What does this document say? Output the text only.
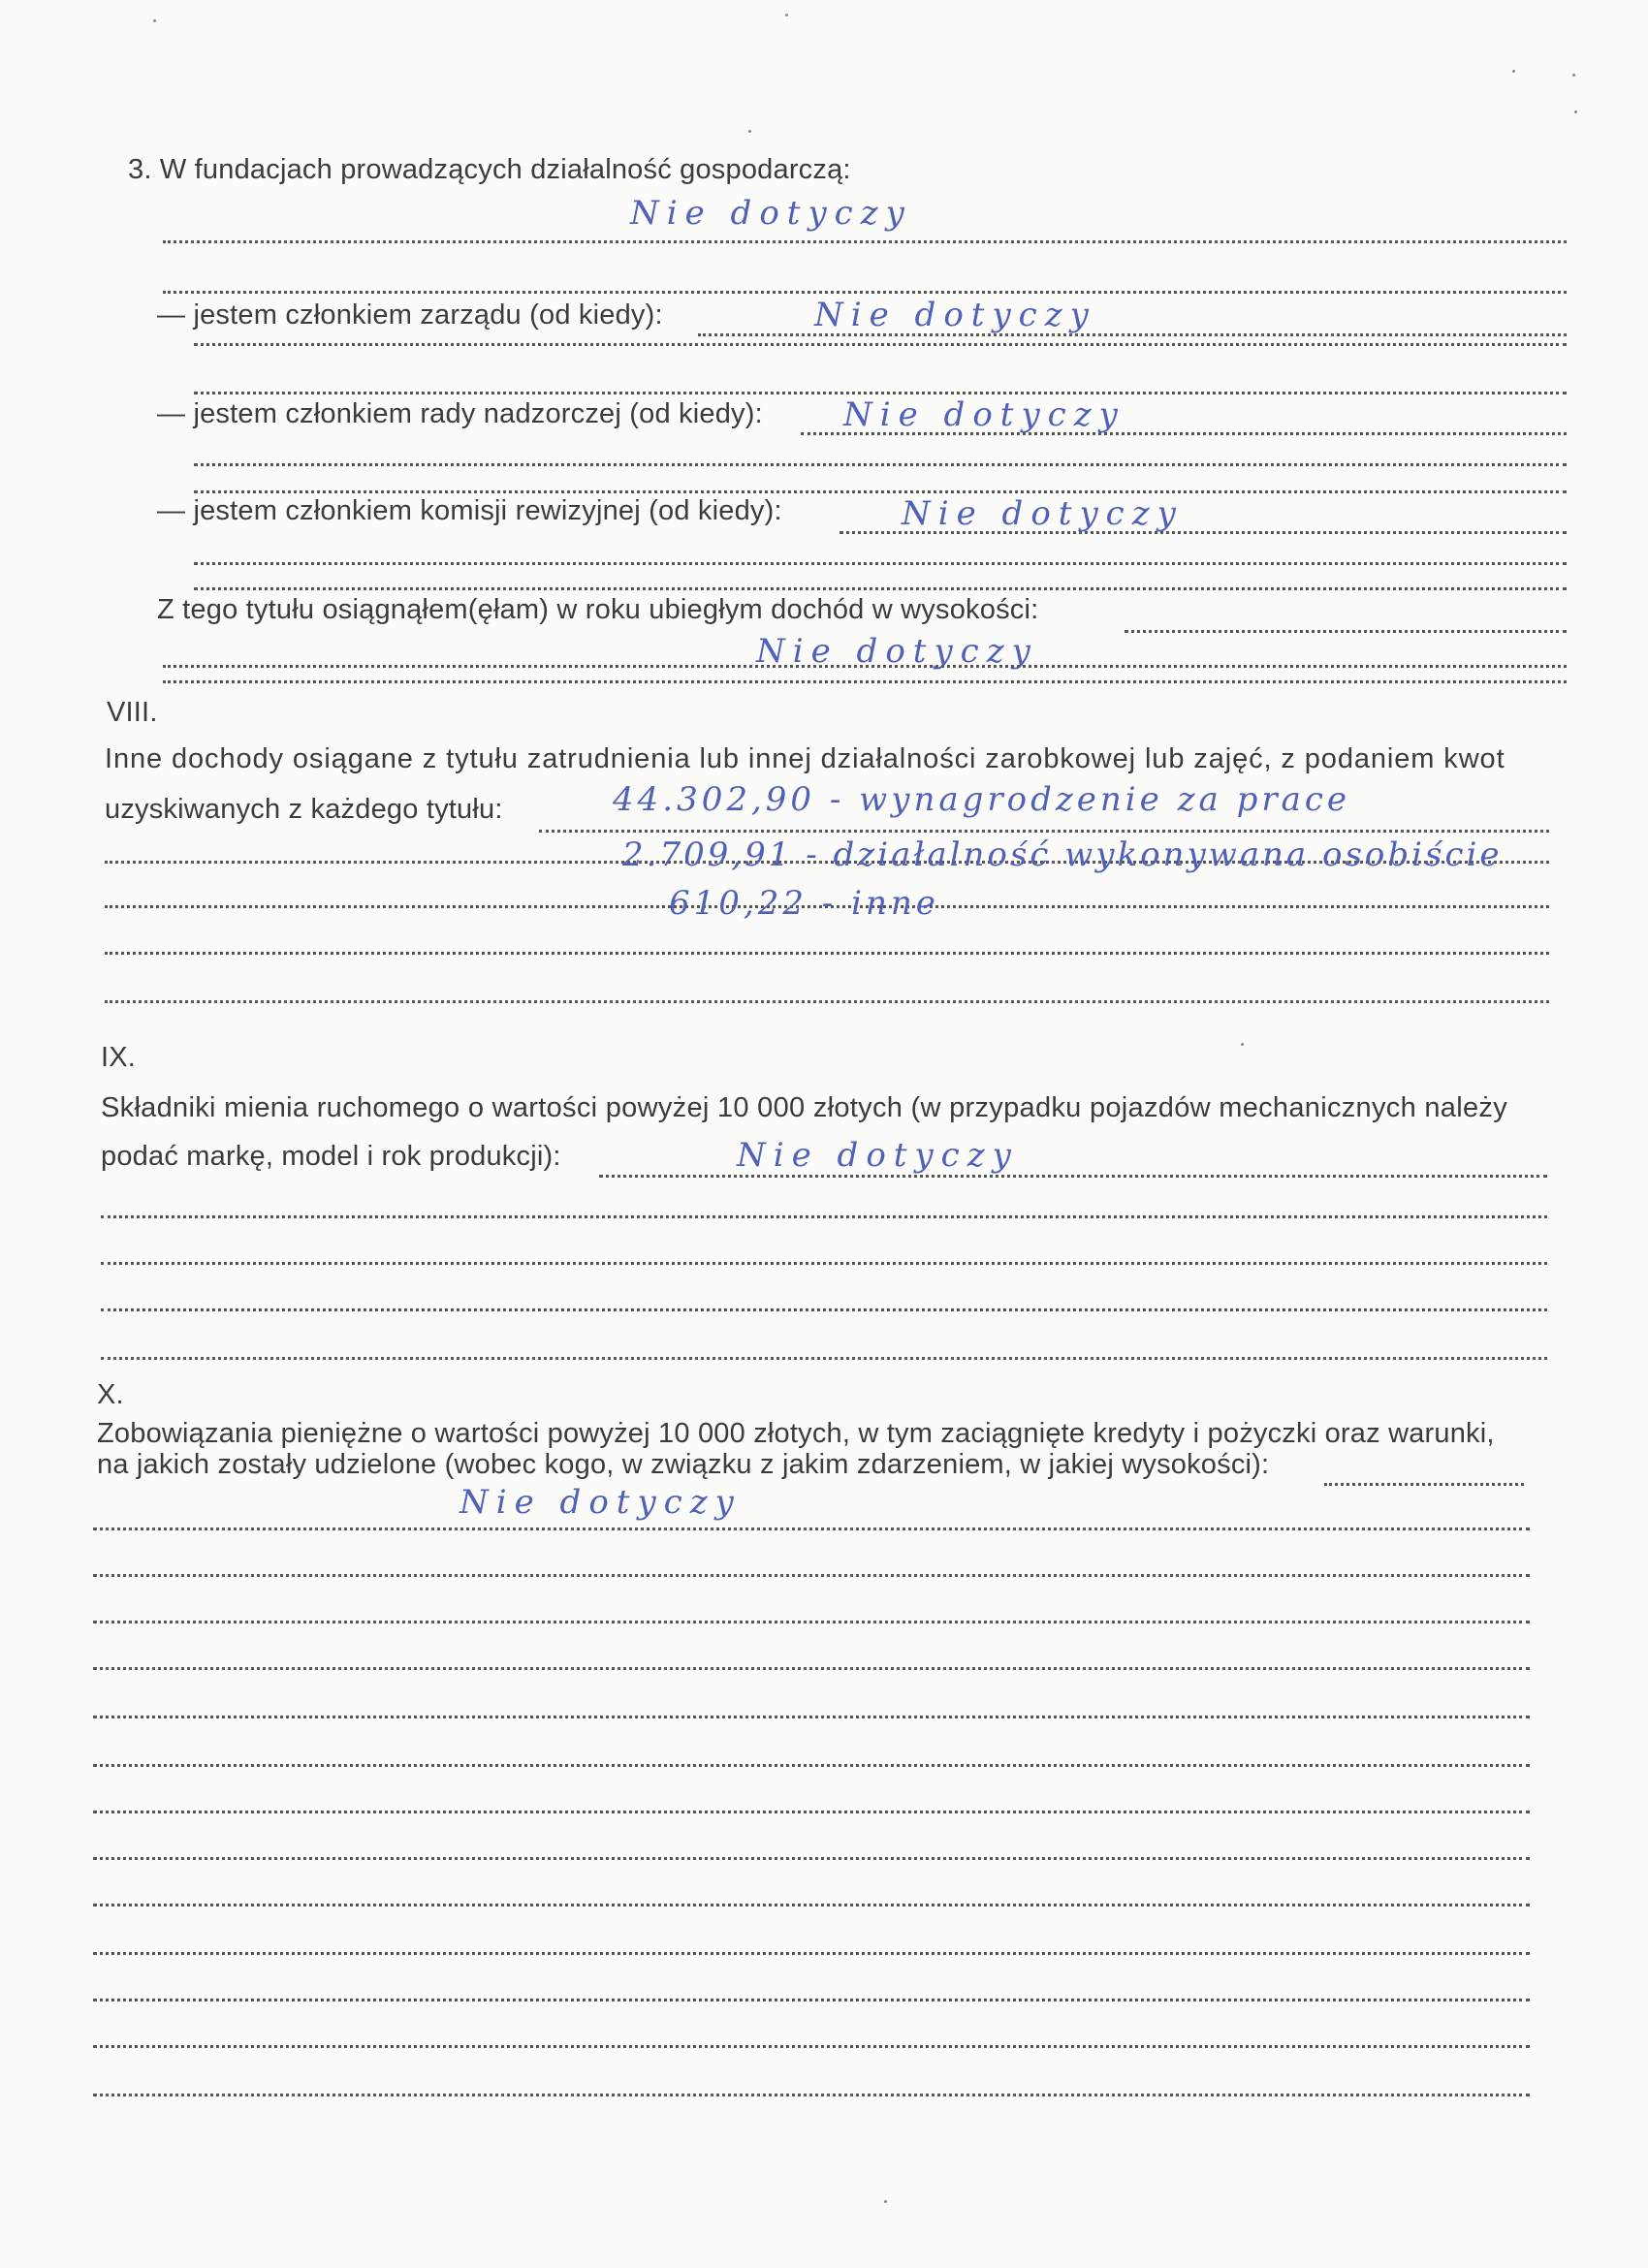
3. W fundacjach prowadzących działalność gospodarczą:
Nie dotyczy
— jestem członkiem zarządu (od kiedy):	Nie dotyczy
— jestem członkiem rady nadzorczej (od kiedy): Nie dotyczy
— jestem członkiem komisji rewizyjnej (od kiedy):	Nie dotyczy
Z tego tytułu osiągnąłem(ęłam) w roku ubiegłym dochód w wysokości:
Nie dotyczy
VIII.
Inne dochody osiągane z tytułu zatrudnienia lub innej działalności zarobkowej lub zajęć, z podaniem kwot
uzyskiwanych z każdego tytułu:	44.302,90 - wynagrodzenie za prace
2.709,91 - działalność wykonywana osobiście
610,22 - inne
IX.
Składniki mienia ruchomego o wartości powyżej 10 000 złotych (w przypadku pojazdów mechanicznych należy
podać markę, model i rok produkcji):	Nie dotyczy
X.
Zobowiązania pieniężne o wartości powyżej 10 000 złotych, w tym zaciągnięte kredyty i pożyczki oraz warunki,
na jakich zostały udzielone (wobec kogo, w związku z jakim zdarzeniem, w jakiej wysokości):
Nie dotyczy
